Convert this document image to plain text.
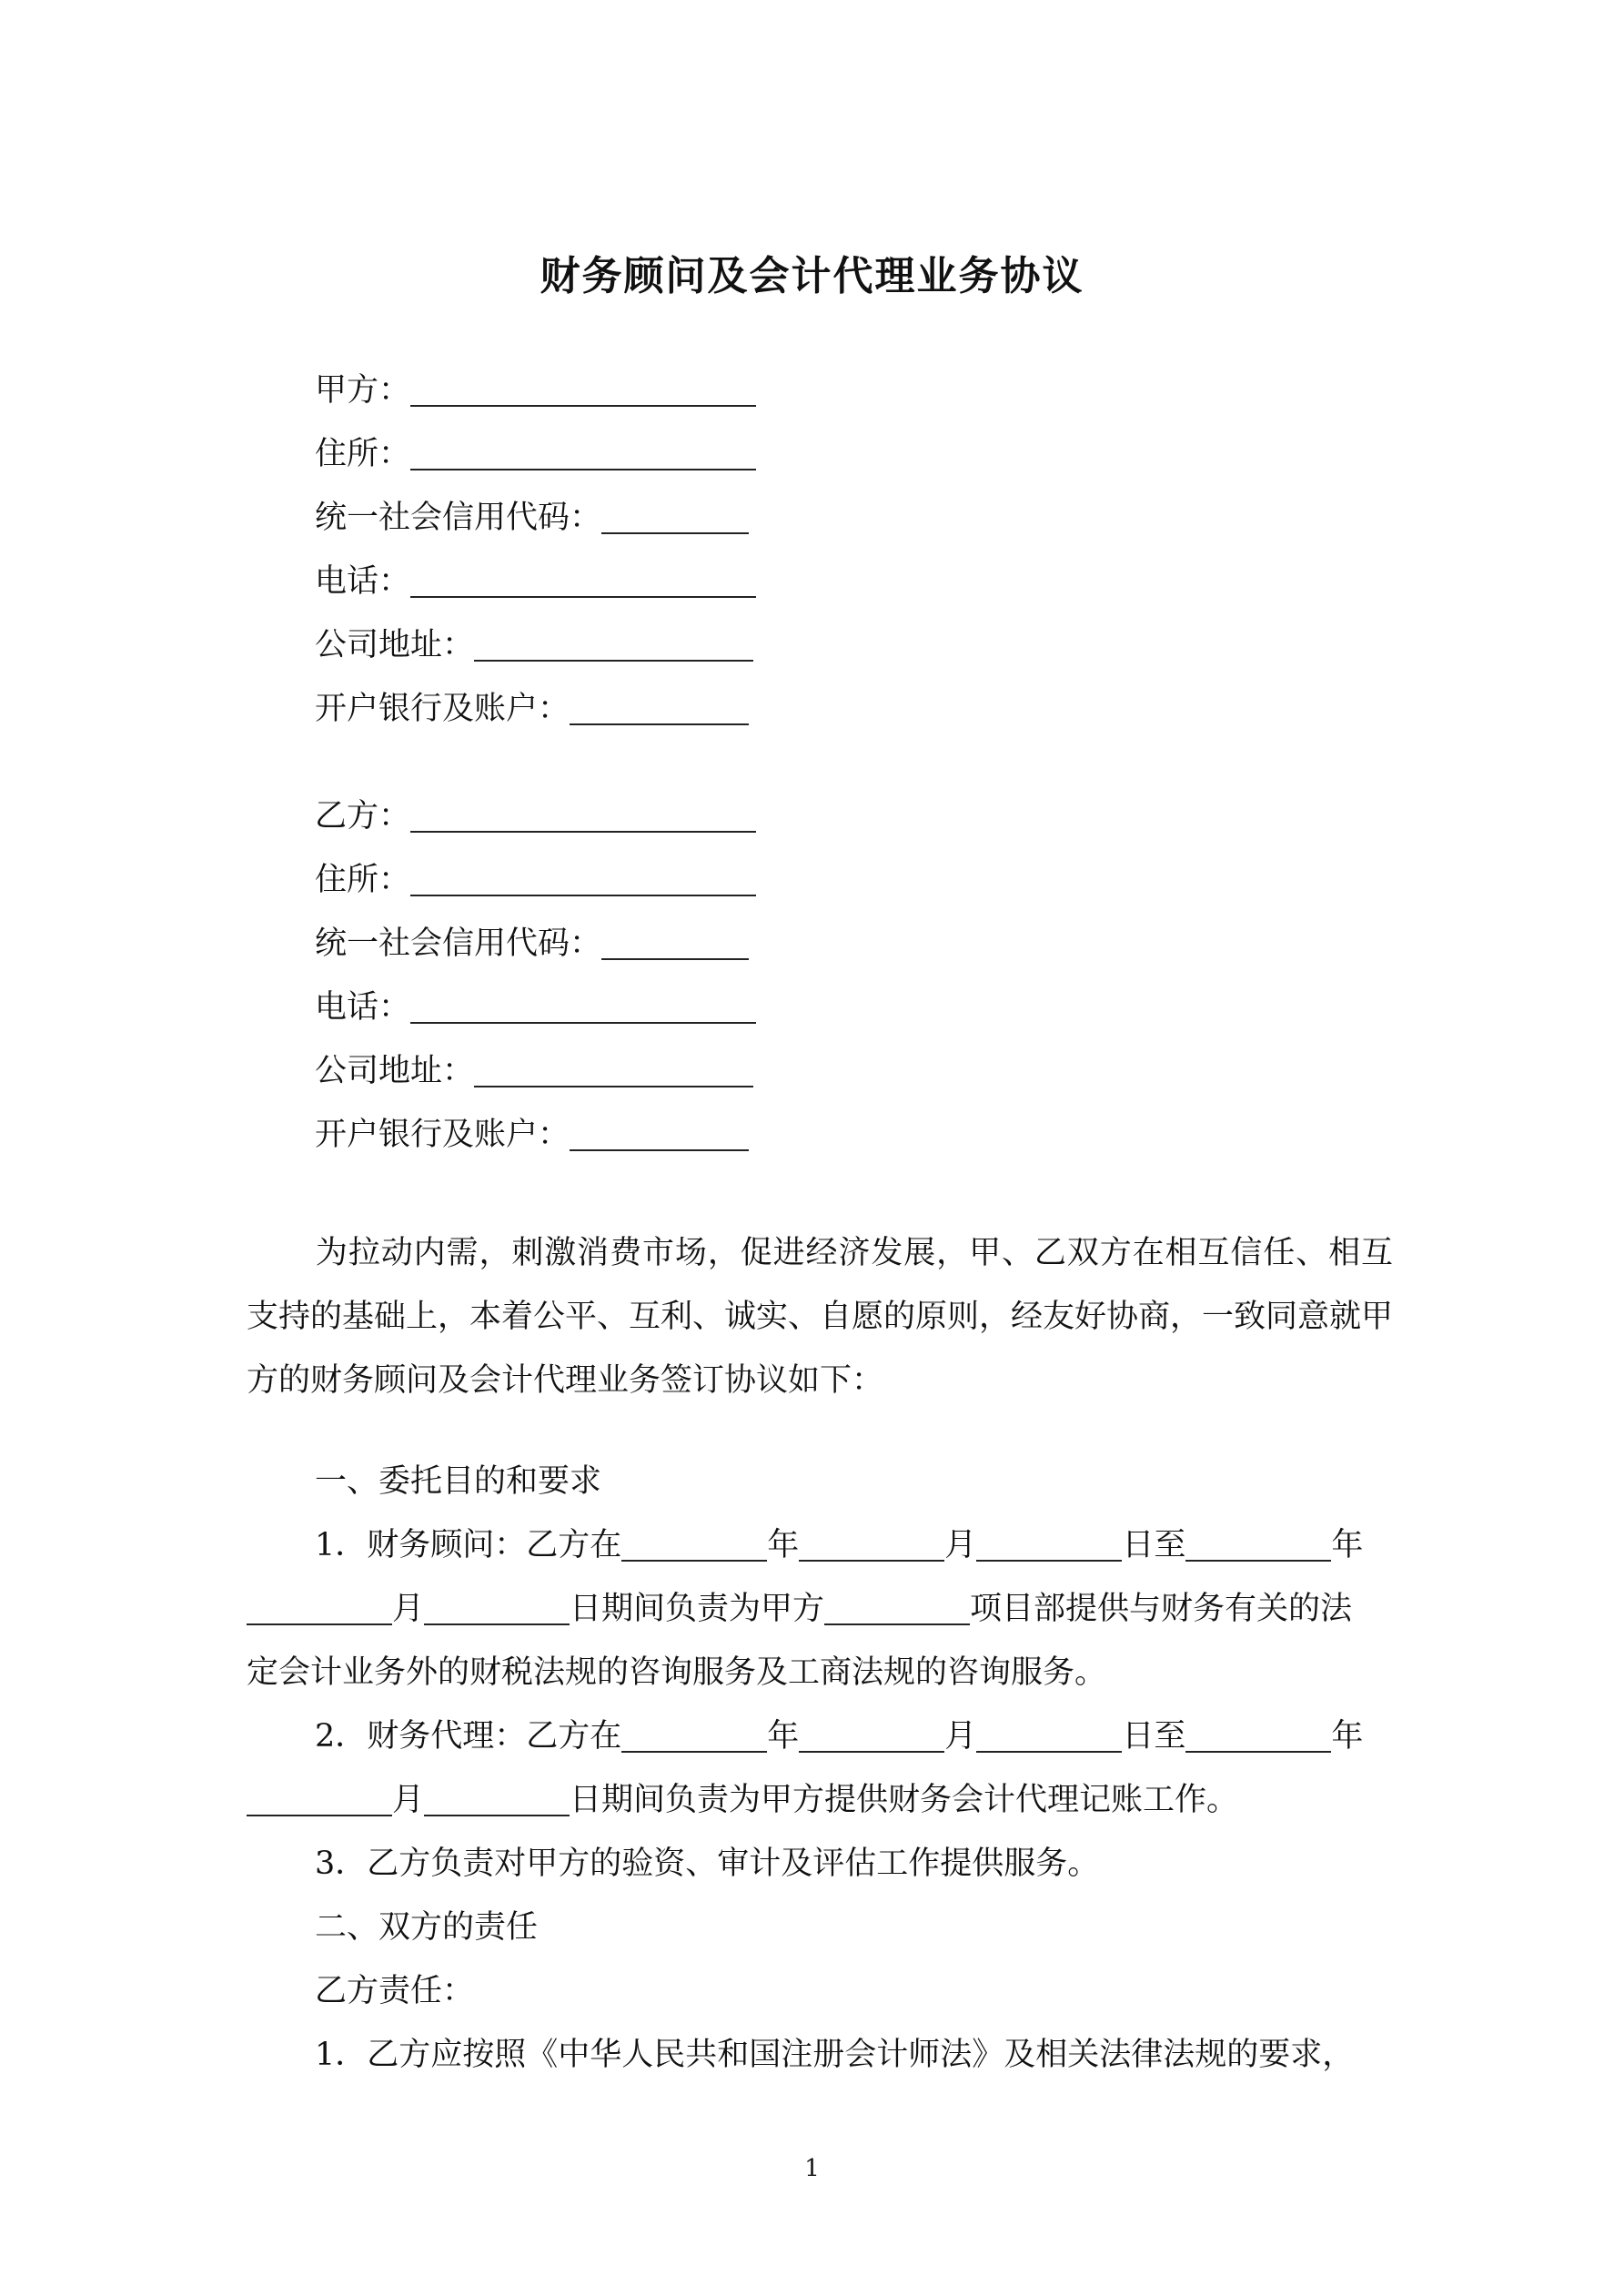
财务顾问及会计代理业务协议
甲方：
住所：
统一社会信用代码：
电话：
公司地址：
开户银行及账户：
乙方：
住所：
统一社会信用代码：
电话：
公司地址：
开户银行及账户：
为拉动内需，刺激消费市场，促进经济发展，甲、乙双方在相互信任、相互支持的基础上，本着公平、互利、诚实、自愿的原则，经友好协商，一致同意就甲方的财务顾问及会计代理业务签订协议如下：
一、委托目的和要求
1．财务顾问：乙方在	年	月	日至	年
月	日期间负责为甲方	项目部提供与财务有关的法
定会计业务外的财税法规的咨询服务及工商法规的咨询服务。
2．财务代理：乙方在	年	月	日至	年
月	日期间负责为甲方提供财务会计代理记账工作。
3．乙方负责对甲方的验资、审计及评估工作提供服务。
二、双方的责任
乙方责任：
1．乙方应按照《中华人民共和国注册会计师法》及相关法律法规的要求，
1
